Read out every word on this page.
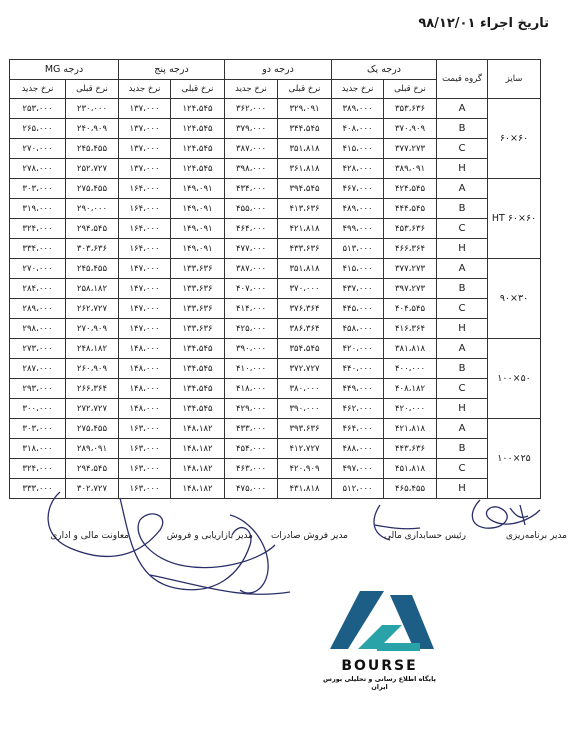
تاریخ اجراء ۹۸/۱۲/۰۱
سایز	گروه قیمت	درجه یک		درجه دو		درجه پنج		درجه MG	
		نرخ قبلی	نرخ جدید	نرخ قبلی	نرخ جدید	نرخ قبلی	نرخ جدید	نرخ قبلی	نرخ جدید
۶۰×۶۰	A	۳۵۳،۶۳۶	۳۸۹،۰۰۰	۳۲۹،۰۹۱	۳۶۲،۰۰۰	۱۲۴،۵۴۵	۱۳۷،۰۰۰	۲۳۰،۰۰۰	۲۵۳،۰۰۰
	B	۳۷۰،۹۰۹	۴۰۸،۰۰۰	۳۴۴،۵۴۵	۳۷۹،۰۰۰	۱۲۴،۵۴۵	۱۳۷،۰۰۰	۲۴۰،۹۰۹	۲۶۵،۰۰۰
	C	۳۷۷،۲۷۳	۴۱۵،۰۰۰	۳۵۱،۸۱۸	۳۸۷،۰۰۰	۱۲۴،۵۴۵	۱۳۷،۰۰۰	۲۴۵،۴۵۵	۲۷۰،۰۰۰
	H	۳۸۹،۰۹۱	۴۲۸،۰۰۰	۳۶۱،۸۱۸	۳۹۸،۰۰۰	۱۲۴،۵۴۵	۱۳۷،۰۰۰	۲۵۲،۷۲۷	۲۷۸،۰۰۰
۶۰×۶۰ HT	A	۴۲۴،۵۴۵	۴۶۷،۰۰۰	۳۹۴،۵۴۵	۴۳۴،۰۰۰	۱۴۹،۰۹۱	۱۶۴،۰۰۰	۲۷۵،۴۵۵	۳۰۳،۰۰۰
	B	۴۴۴،۵۴۵	۴۸۹،۰۰۰	۴۱۳،۶۳۶	۴۵۵،۰۰۰	۱۴۹،۰۹۱	۱۶۴،۰۰۰	۲۹۰،۰۰۰	۳۱۹،۰۰۰
	C	۴۵۳،۶۳۶	۴۹۹،۰۰۰	۴۲۱،۸۱۸	۴۶۴،۰۰۰	۱۴۹،۰۹۱	۱۶۴،۰۰۰	۲۹۴،۵۴۵	۳۲۴،۰۰۰
	H	۴۶۶،۳۶۴	۵۱۳،۰۰۰	۴۳۳،۶۳۶	۴۷۷،۰۰۰	۱۴۹،۰۹۱	۱۶۴،۰۰۰	۳۰۳،۶۳۶	۳۳۴،۰۰۰
۳۰×۹۰	A	۳۷۷،۲۷۳	۴۱۵،۰۰۰	۳۵۱،۸۱۸	۳۸۷،۰۰۰	۱۳۳،۶۳۶	۱۴۷،۰۰۰	۲۴۵،۴۵۵	۲۷۰،۰۰۰
	B	۳۹۷،۲۷۳	۴۳۷،۰۰۰	۳۷۰،۰۰۰	۴۰۷،۰۰۰	۱۳۳،۶۳۶	۱۴۷،۰۰۰	۲۵۸،۱۸۲	۲۸۴،۰۰۰
	C	۴۰۴،۵۴۵	۴۴۵،۰۰۰	۳۷۶،۳۶۴	۴۱۴،۰۰۰	۱۳۳،۶۳۶	۱۴۷،۰۰۰	۲۶۲،۷۲۷	۲۸۹،۰۰۰
	H	۴۱۶،۳۶۴	۴۵۸،۰۰۰	۳۸۶،۳۶۴	۴۲۵،۰۰۰	۱۳۳،۶۳۶	۱۴۷،۰۰۰	۲۷۰،۹۰۹	۲۹۸،۰۰۰
۵۰×۱۰۰	A	۳۸۱،۸۱۸	۴۲۰،۰۰۰	۳۵۴،۵۴۵	۳۹۰،۰۰۰	۱۳۴،۵۴۵	۱۴۸،۰۰۰	۲۴۸،۱۸۲	۲۷۳،۰۰۰
	B	۴۰۰،۰۰۰	۴۴۰،۰۰۰	۳۷۲،۷۲۷	۴۱۰،۰۰۰	۱۳۴،۵۴۵	۱۴۸،۰۰۰	۲۶۰،۹۰۹	۲۸۷،۰۰۰
	C	۴۰۸،۱۸۲	۴۴۹،۰۰۰	۳۸۰،۰۰۰	۴۱۸،۰۰۰	۱۳۴،۵۴۵	۱۴۸،۰۰۰	۲۶۶،۳۶۴	۲۹۳،۰۰۰
	H	۴۲۰،۰۰۰	۴۶۲،۰۰۰	۳۹۰،۰۰۰	۴۲۹،۰۰۰	۱۳۴،۵۴۵	۱۴۸،۰۰۰	۲۷۲،۷۲۷	۳۰۰،۰۰۰
۲۵×۱۰۰	A	۴۲۱،۸۱۸	۴۶۴،۰۰۰	۳۹۳،۶۳۶	۴۳۳،۰۰۰	۱۴۸،۱۸۲	۱۶۳،۰۰۰	۲۷۵،۴۵۵	۳۰۳،۰۰۰
	B	۴۴۳،۶۳۶	۴۸۸،۰۰۰	۴۱۲،۷۲۷	۴۵۴،۰۰۰	۱۴۸،۱۸۲	۱۶۳،۰۰۰	۲۸۹،۰۹۱	۳۱۸،۰۰۰
	C	۴۵۱،۸۱۸	۴۹۷،۰۰۰	۴۲۰،۹۰۹	۴۶۳،۰۰۰	۱۴۸،۱۸۲	۱۶۳،۰۰۰	۲۹۴،۵۴۵	۳۲۴،۰۰۰
	H	۴۶۵،۴۵۵	۵۱۲،۰۰۰	۴۳۱،۸۱۸	۴۷۵،۰۰۰	۱۴۸،۱۸۲	۱۶۳،۰۰۰	۳۰۲،۷۲۷	۳۳۳،۰۰۰
مدیر برنامه‌ریزی
رئیس حسابداری مالی
مدیر فروش صادرات
مدیر بازاریابی و فروش
معاونت مالی و اداری
BOURSE
پایگاه اطلاع رسانی و تحلیلی بورس ایران
